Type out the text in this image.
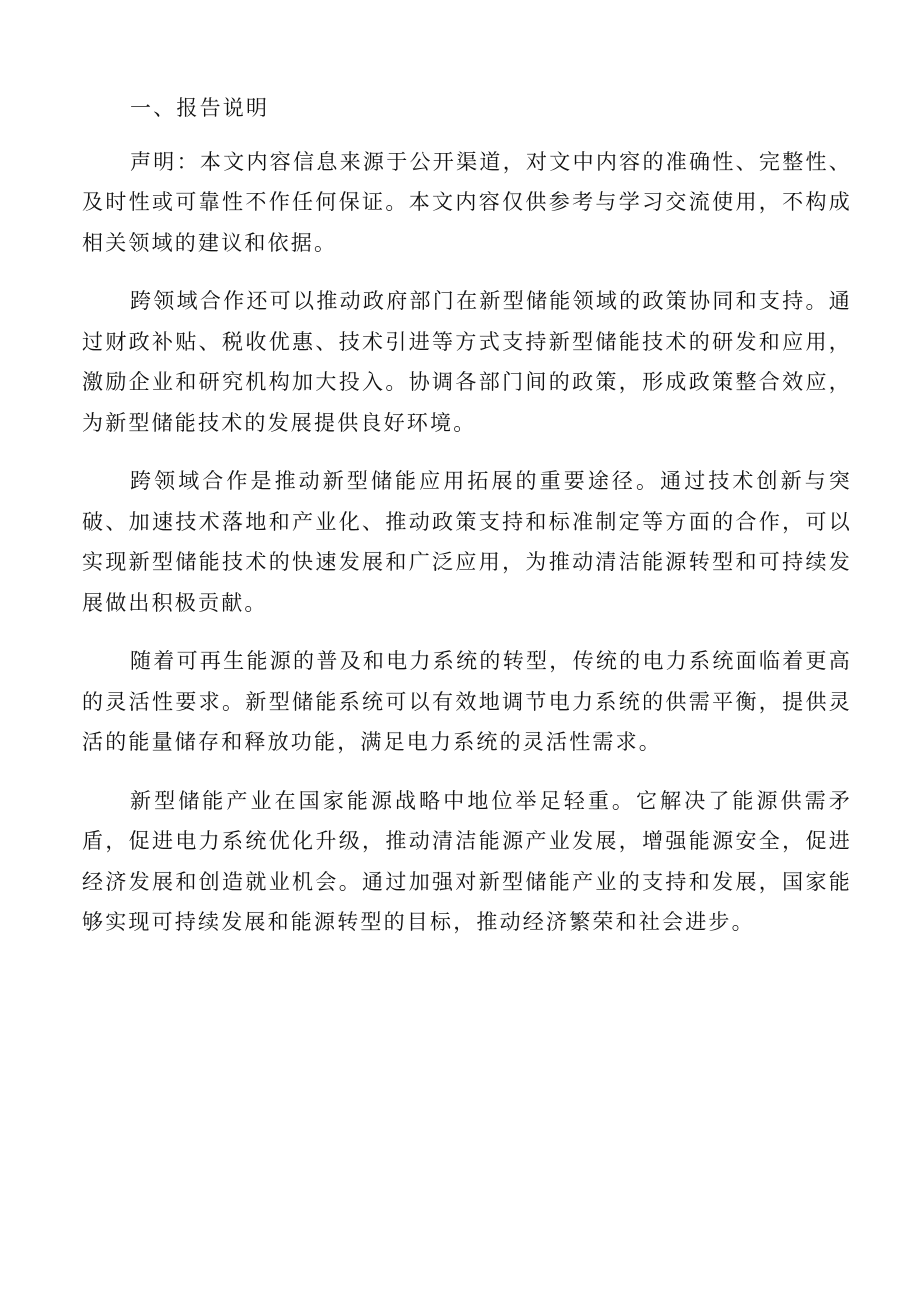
一、报告说明

声明：本文内容信息来源于公开渠道，对文中内容的准确性、完整性、及时性或可靠性不作任何保证。本文内容仅供参考与学习交流使用，不构成相关领域的建议和依据。

跨领域合作还可以推动政府部门在新型储能领域的政策协同和支持。通过财政补贴、税收优惠、技术引进等方式支持新型储能技术的研发和应用，激励企业和研究机构加大投入。协调各部门间的政策，形成政策整合效应，为新型储能技术的发展提供良好环境。

跨领域合作是推动新型储能应用拓展的重要途径。通过技术创新与突破、加速技术落地和产业化、推动政策支持和标准制定等方面的合作，可以实现新型储能技术的快速发展和广泛应用，为推动清洁能源转型和可持续发展做出积极贡献。

随着可再生能源的普及和电力系统的转型，传统的电力系统面临着更高的灵活性要求。新型储能系统可以有效地调节电力系统的供需平衡，提供灵活的能量储存和释放功能，满足电力系统的灵活性需求。

新型储能产业在国家能源战略中地位举足轻重。它解决了能源供需矛盾，促进电力系统优化升级，推动清洁能源产业发展，增强能源安全，促进经济发展和创造就业机会。通过加强对新型储能产业的支持和发展，国家能够实现可持续发展和能源转型的目标，推动经济繁荣和社会进步。
